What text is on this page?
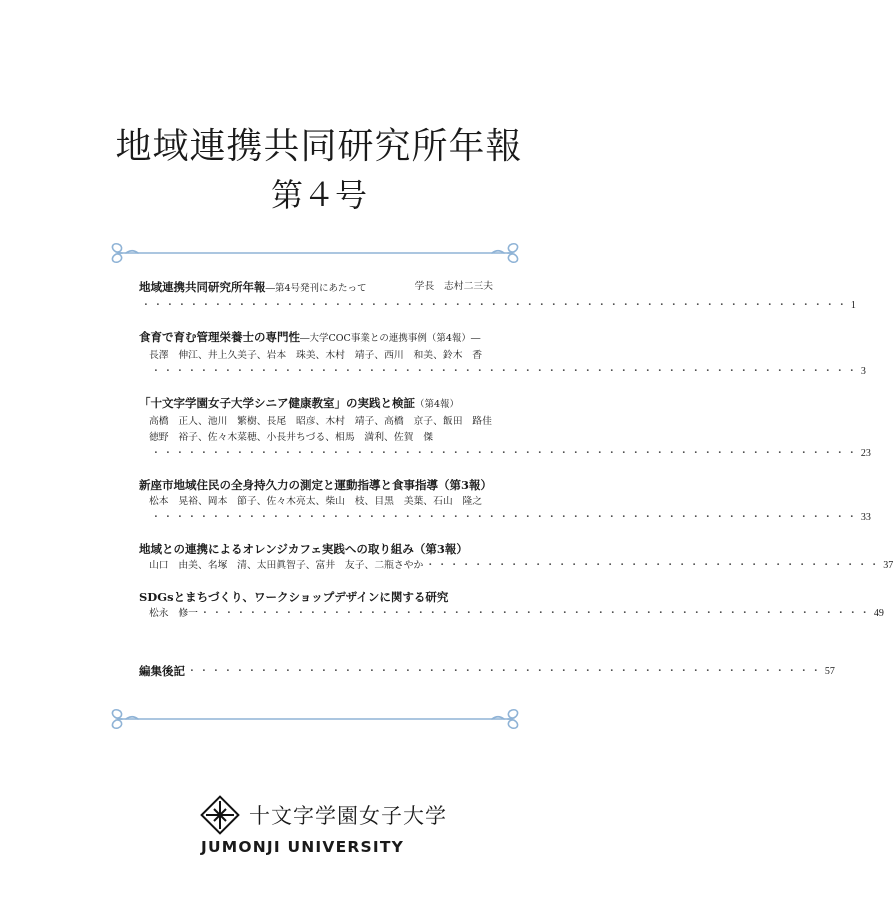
地域連携共同研究所年報
第４号
地域連携共同研究所年報―第4号発刊にあたって	学長　志村二三夫
・・・・・・・・・・・・・・・・・・・・・・・・・・・・・・・・・・・・・・・・・・・・・・・・・・・・・・・・・・・ 1
食育で育む管理栄養士の専門性―大学COC事業との連携事例（第4報）―
長澤　伸江、井上久美子、岩本　珠美、木村　靖子、西川　和美、鈴木　香
・・・・・・・・・・・・・・・・・・・・・・・・・・・・・・・・・・・・・・・・・・・・・・・・・・・・・・・・・・・ 3
「十文字学園女子大学シニア健康教室」の実践と検証（第4報）
高橋　正人、池川　繁樹、長尾　昭彦、木村　靖子、高橋　京子、飯田　路佳
徳野　裕子、佐々木菜穂、小長井ちづる、相馬　満利、佐賀　傑
・・・・・・・・・・・・・・・・・・・・・・・・・・・・・・・・・・・・・・・・・・・・・・・・・・・・・・・・・・・ 23
新座市地域住民の全身持久力の測定と運動指導と食事指導（第3報）
松本　晃裕、岡本　節子、佐々木亮太、柴山　枝、目黒　美葉、石山　隆之
・・・・・・・・・・・・・・・・・・・・・・・・・・・・・・・・・・・・・・・・・・・・・・・・・・・・・・・・・・・ 33
地域との連携によるオレンジカフェ実践への取り組み（第3報）
山口　由美、名塚　清、太田眞智子、富井　友子、二瓶さやか ・・・・・・・・・・・・・・・・・・・・・・・・・・・・・・・・・・・・・・ 37
SDGsとまちづくり、ワークショップデザインに関する研究
松永　修一 ・・・・・・・・・・・・・・・・・・・・・・・・・・・・・・・・・・・・・・・・・・・・・・・・・・・・・・・・ 49
編集後記 ・・・・・・・・・・・・・・・・・・・・・・・・・・・・・・・・・・・・・・・・・・・・・・・・・・・・・ 57
十文字学園女子大学
JUMONJI UNIVERSITY
